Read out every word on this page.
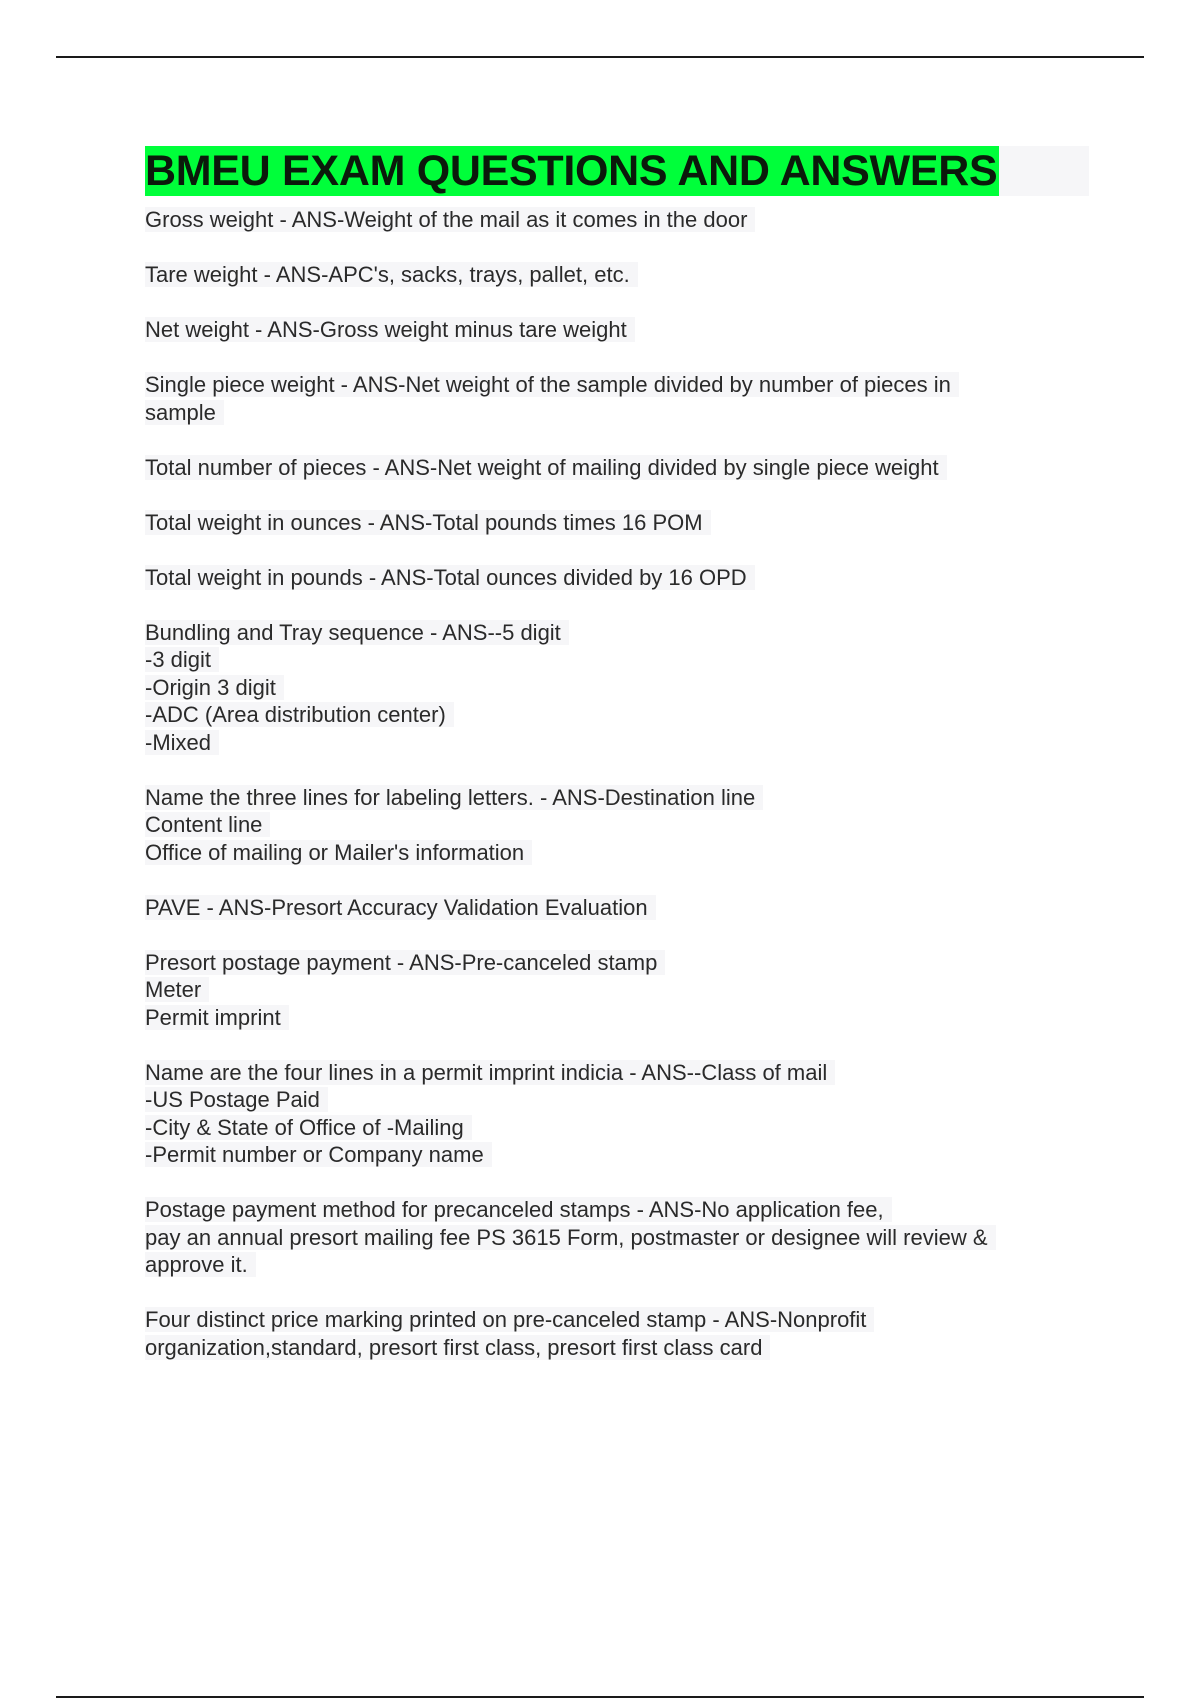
BMEU EXAM QUESTIONS AND ANSWERS
Gross weight - ANS-Weight of the mail as it comes in the door
Tare weight - ANS-APC's, sacks, trays, pallet, etc.
Net weight - ANS-Gross weight minus tare weight
Single piece weight - ANS-Net weight of the sample divided by number of pieces in
sample
Total number of pieces - ANS-Net weight of mailing divided by single piece weight
Total weight in ounces - ANS-Total pounds times 16 POM
Total weight in pounds - ANS-Total ounces divided by 16 OPD
Bundling and Tray sequence - ANS--5 digit
-3 digit
-Origin 3 digit
-ADC (Area distribution center)
-Mixed
Name the three lines for labeling letters. - ANS-Destination line
Content line
Office of mailing or Mailer's information
PAVE - ANS-Presort Accuracy Validation Evaluation
Presort postage payment - ANS-Pre-canceled stamp
Meter
Permit imprint
Name are the four lines in a permit imprint indicia - ANS--Class of mail
-US Postage Paid
-City & State of Office of -Mailing
-Permit number or Company name
Postage payment method for precanceled stamps - ANS-No application fee,
pay an annual presort mailing fee PS 3615 Form, postmaster or designee will review &
approve it.
Four distinct price marking printed on pre-canceled stamp - ANS-Nonprofit
organization,standard, presort first class, presort first class card
